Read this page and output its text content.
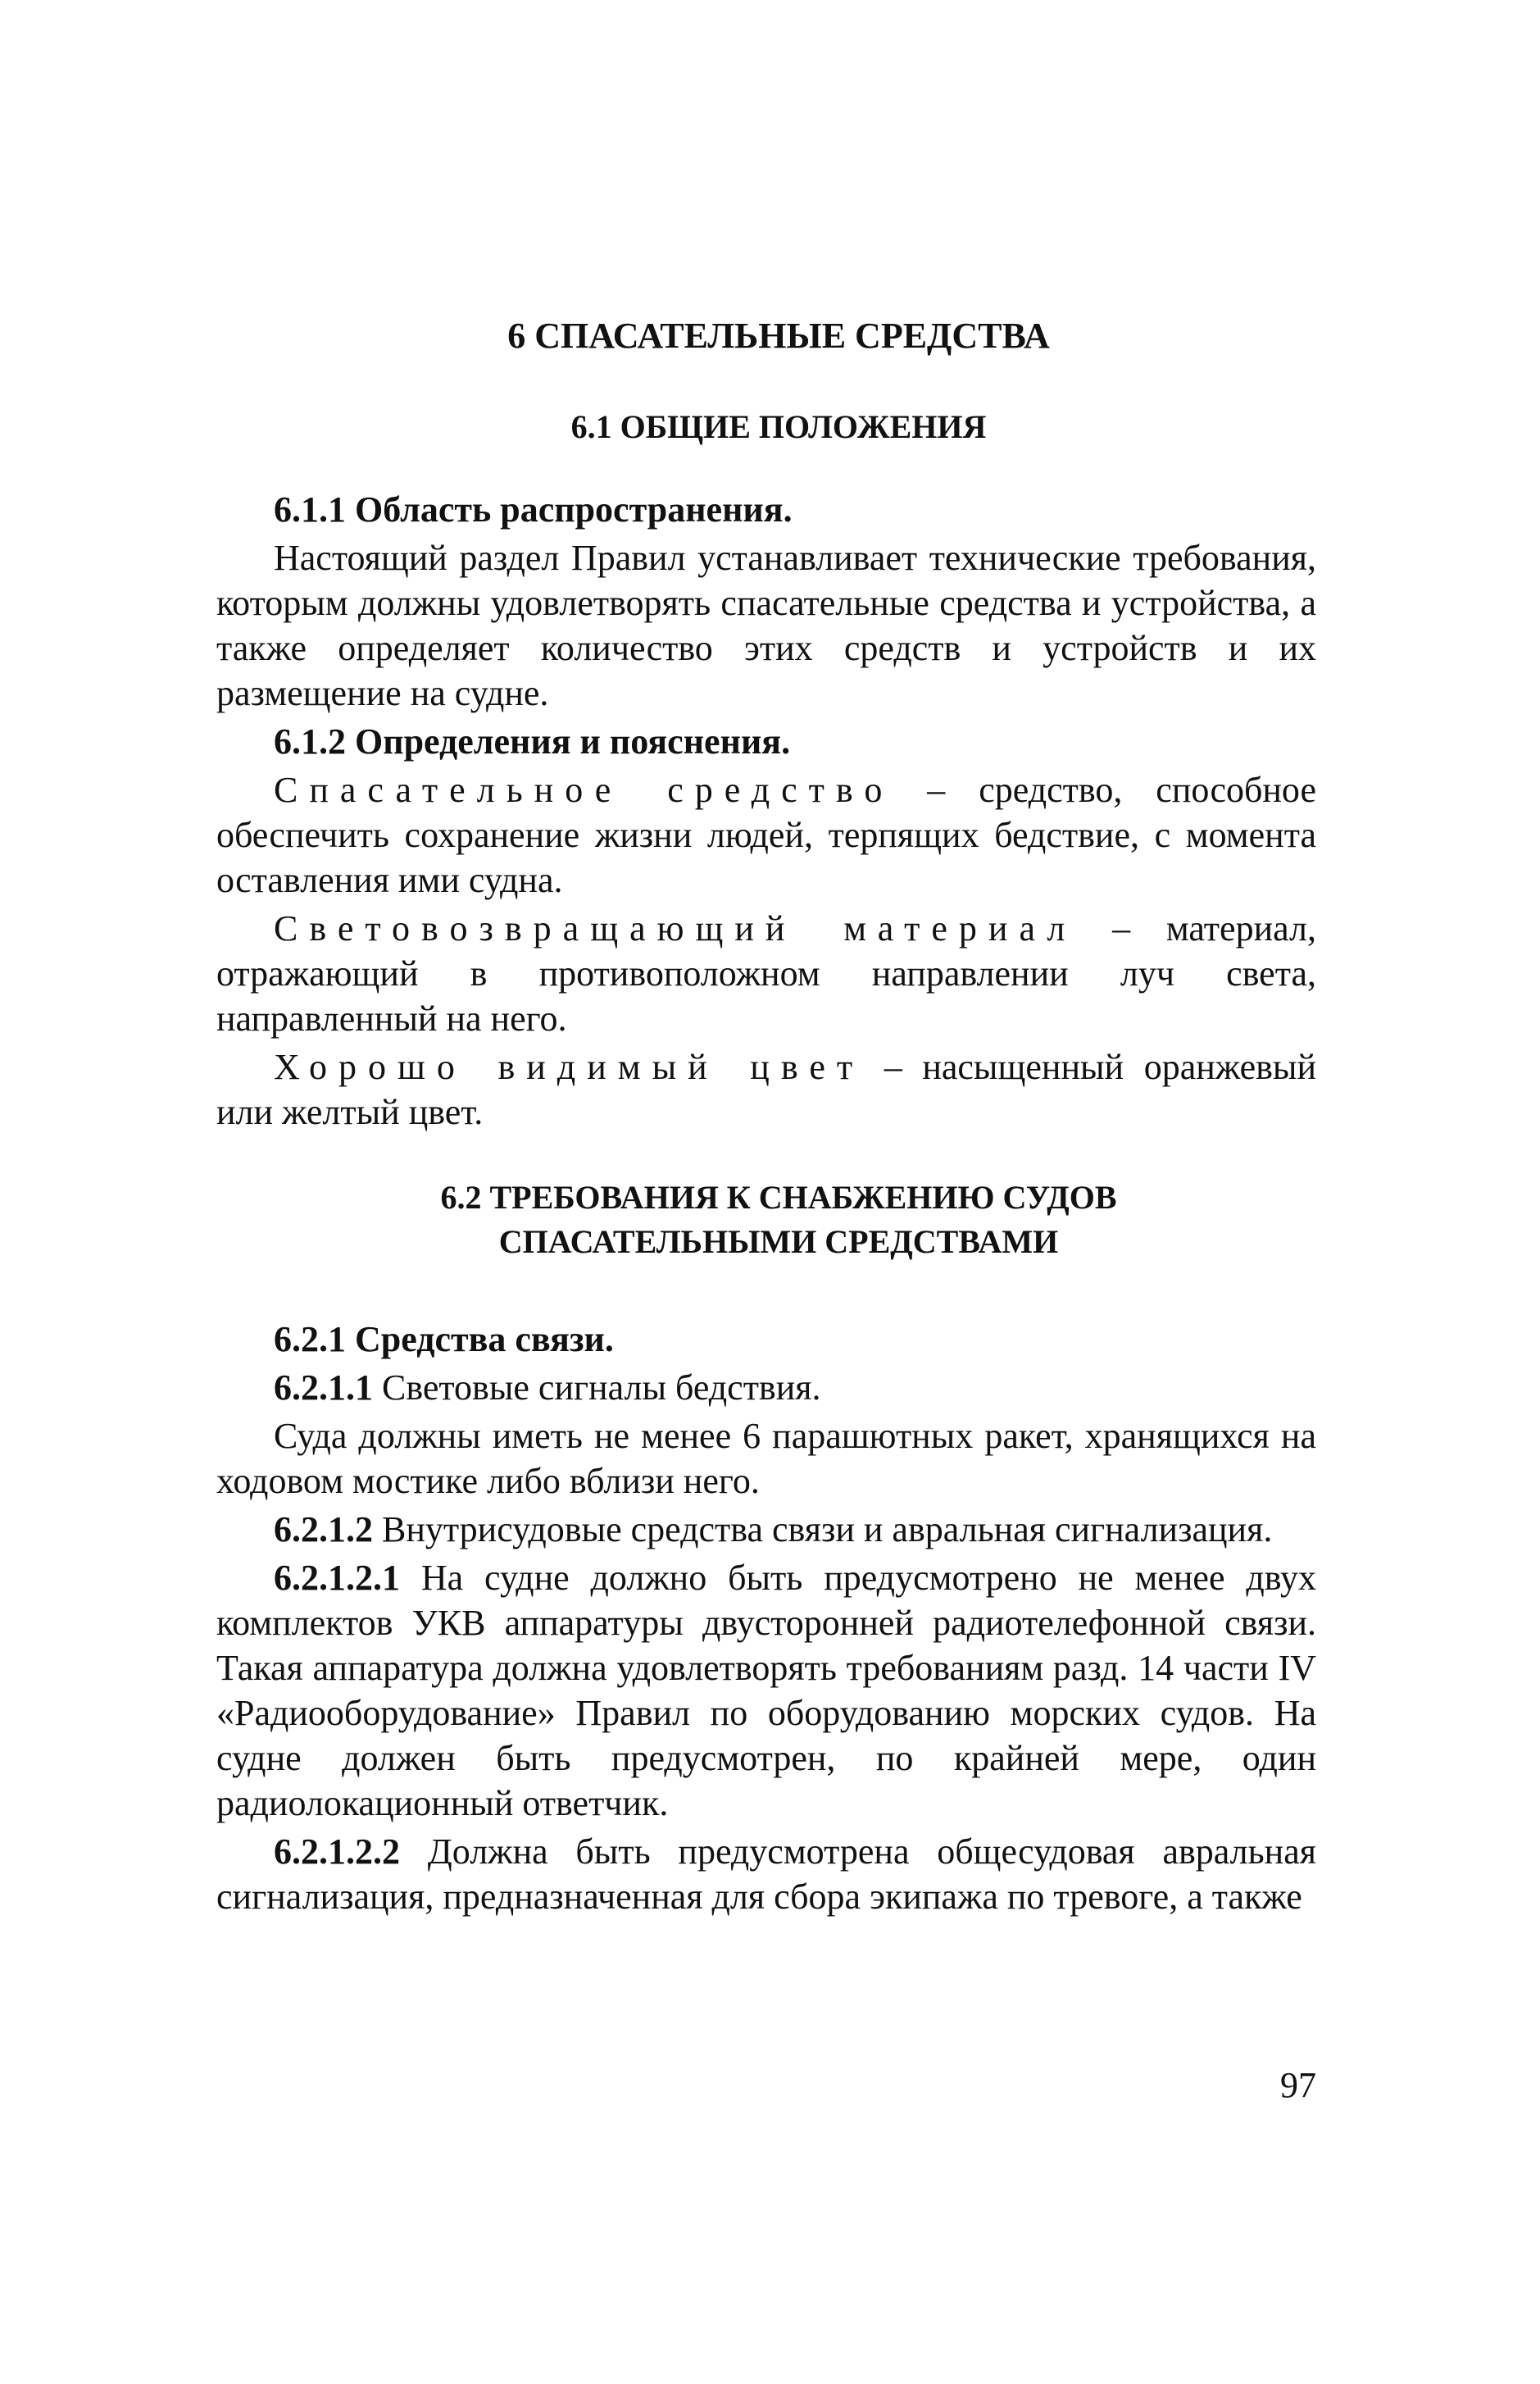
6 СПАСАТЕЛЬНЫЕ СРЕДСТВА
6.1 ОБЩИЕ ПОЛОЖЕНИЯ
6.1.1 Область распространения.

Настоящий раздел Правил устанавливает технические требования, которым должны удовлетворять спасательные средства и устройства, а также определяет количество этих средств и устройств и их размещение на судне.

6.1.2 Определения и пояснения.

Спасательное средство – средство, способное обеспечить сохранение жизни людей, терпящих бедствие, с момента оставления ими судна.

Световозвращающий материал – материал, отражающий в противоположном направлении луч света, направленный на него.

Хорошо видимый цвет – насыщенный оранжевый или желтый цвет.

6.2 ТРЕБОВАНИЯ К СНАБЖЕНИЮ СУДОВ
СПАСАТЕЛЬНЫМИ СРЕДСТВАМИ
6.2.1 Средства связи.

6.2.1.1 Световые сигналы бедствия.

Суда должны иметь не менее 6 парашютных ракет, хранящихся на ходовом мостике либо вблизи него.

6.2.1.2 Внутрисудовые средства связи и авральная сигнализация.

6.2.1.2.1 На судне должно быть предусмотрено не менее двух комплектов УКВ аппаратуры двусторонней радиотелефонной связи. Такая аппаратура должна удовлетворять требованиям разд. 14 части IV «Радиооборудование» Правил по оборудованию морских судов. На судне должен быть предусмотрен, по крайней мере, один радиолокационный ответчик.

6.2.1.2.2 Должна быть предусмотрена общесудовая авральная сигнализация, предназначенная для сбора экипажа по тревоге, а также

97
